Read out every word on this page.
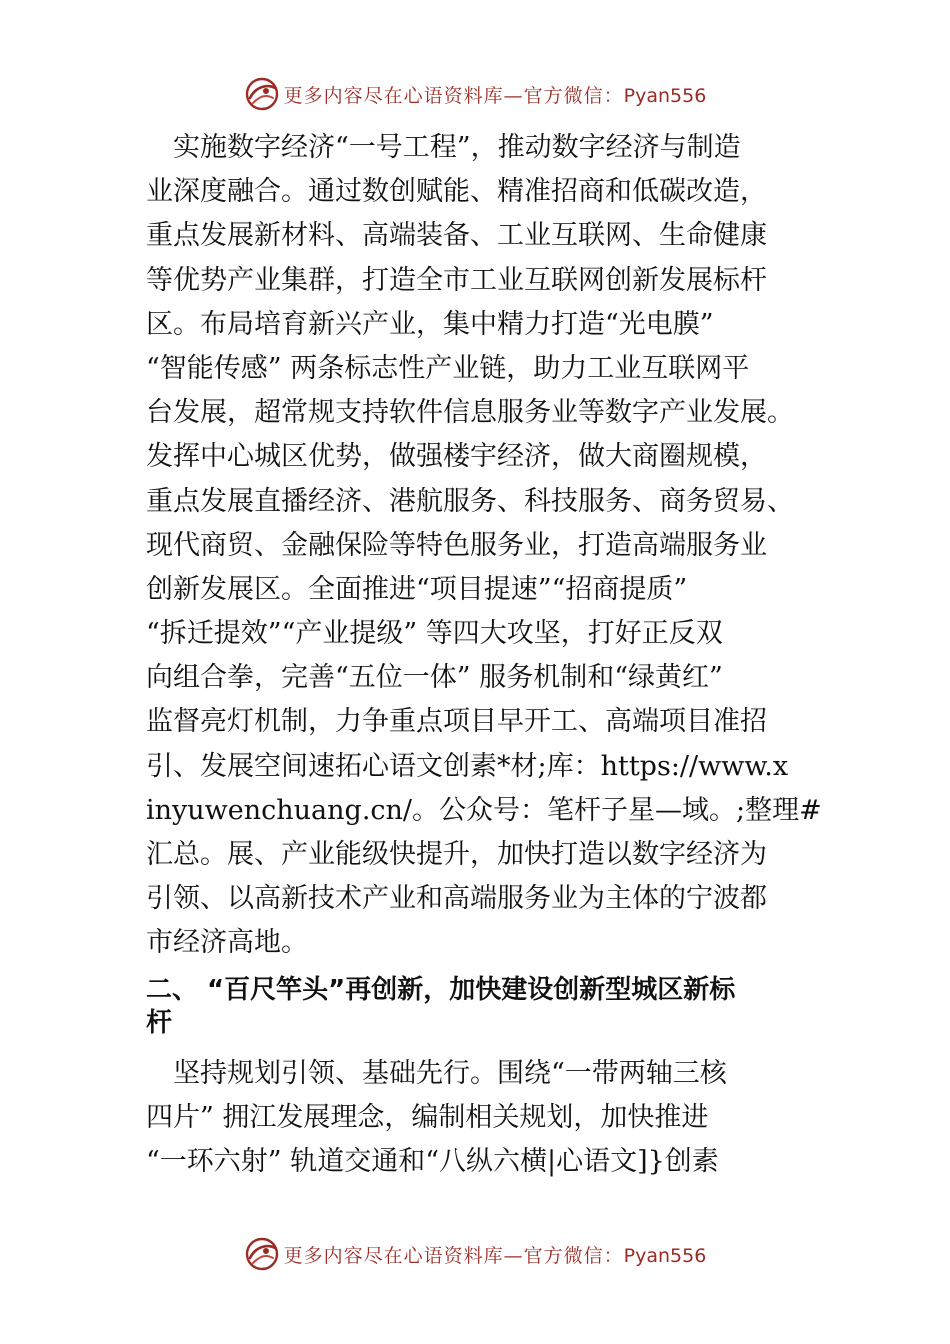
更多内容尽在心语资料库—官方微信：Pyan556
　实施数字经济“一号工程”，推动数字经济与制造
业深度融合。通过数创赋能、精准招商和低碳改造，
重点发展新材料、高端装备、工业互联网、生命健康
等优势产业集群，打造全市工业互联网创新发展标杆
区。布局培育新兴产业，集中精力打造“光电膜”
“智能传感” 两条标志性产业链，助力工业互联网平
台发展，超常规支持软件信息服务业等数字产业发展。
发挥中心城区优势，做强楼宇经济，做大商圈规模，
重点发展直播经济、港航服务、科技服务、商务贸易、
现代商贸、金融保险等特色服务业，打造高端服务业
创新发展区。全面推进“项目提速”“招商提质”
“拆迁提效”“产业提级” 等四大攻坚，打好正反双
向组合拳，完善“五位一体” 服务机制和“绿黄红”
监督亮灯机制，力争重点项目早开工、高端项目准招
引、发展空间速拓心语文创素*材;库：https://www.x
inyuwenchuang.cn/。公众号：笔杆子星—域。;整理#
汇总。展、产业能级快提升，加快打造以数字经济为
引领、以高新技术产业和高端服务业为主体的宁波都
市经济高地。
二、 “百尺竿头”再创新，加快建设创新型城区新标
杆
　坚持规划引领、基础先行。围绕“一带两轴三核
四片” 拥江发展理念，编制相关规划，加快推进
“一环六射” 轨道交通和“八纵六横|心语文]}创素
更多内容尽在心语资料库—官方微信：Pyan556
